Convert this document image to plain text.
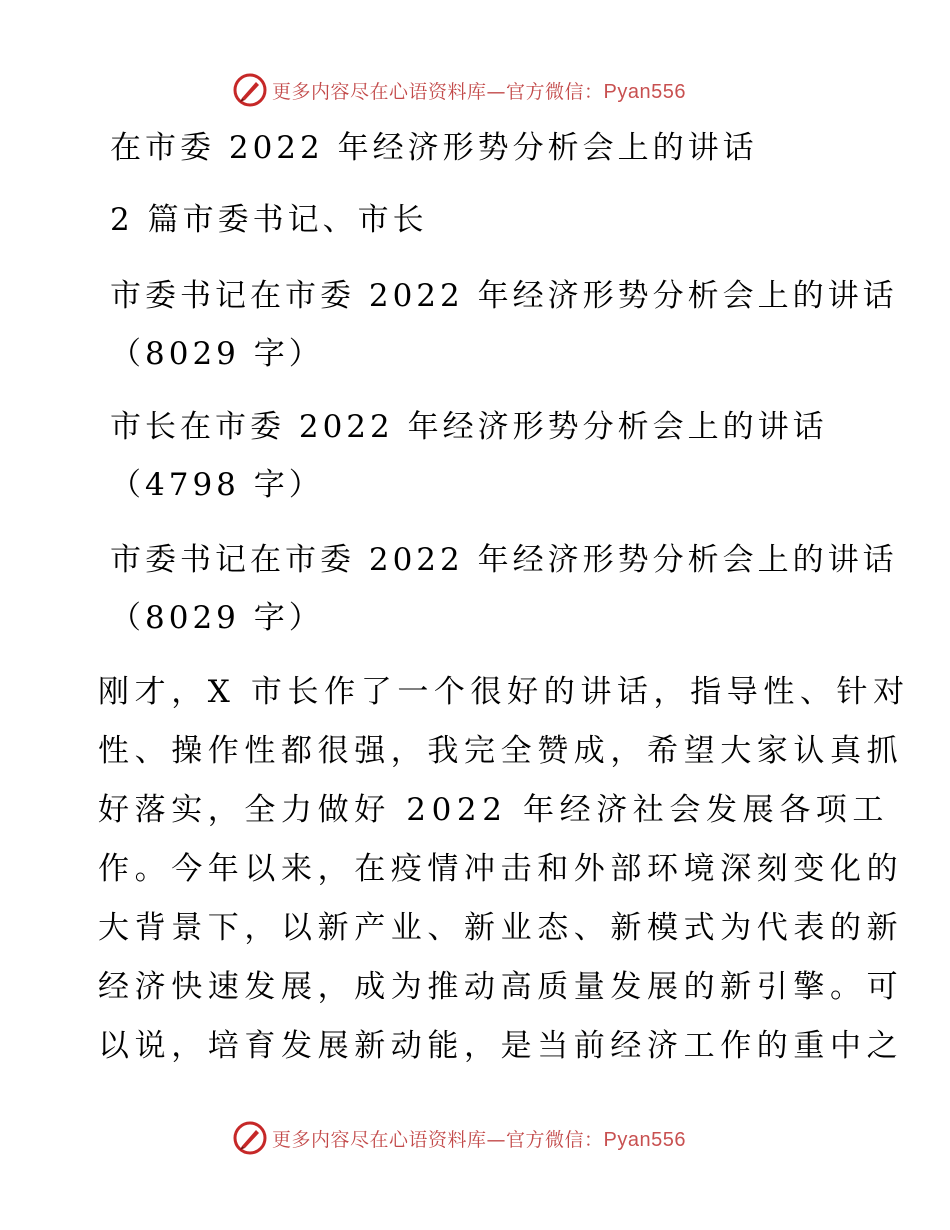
更多内容尽在心语资料库—官方微信：Pyan556
在市委 2022 年经济形势分析会上的讲话
2 篇市委书记、市长
市委书记在市委 2022 年经济形势分析会上的讲话
（8029 字）
市长在市委 2022 年经济形势分析会上的讲话
（4798 字）
市委书记在市委 2022 年经济形势分析会上的讲话
（8029 字）
刚才，X 市长作了一个很好的讲话，指导性、针对
性、操作性都很强，我完全赞成，希望大家认真抓
好落实，全力做好 2022 年经济社会发展各项工
作。今年以来，在疫情冲击和外部环境深刻变化的
大背景下，以新产业、新业态、新模式为代表的新
经济快速发展，成为推动高质量发展的新引擎。可
以说，培育发展新动能，是当前经济工作的重中之
更多内容尽在心语资料库—官方微信：Pyan556
